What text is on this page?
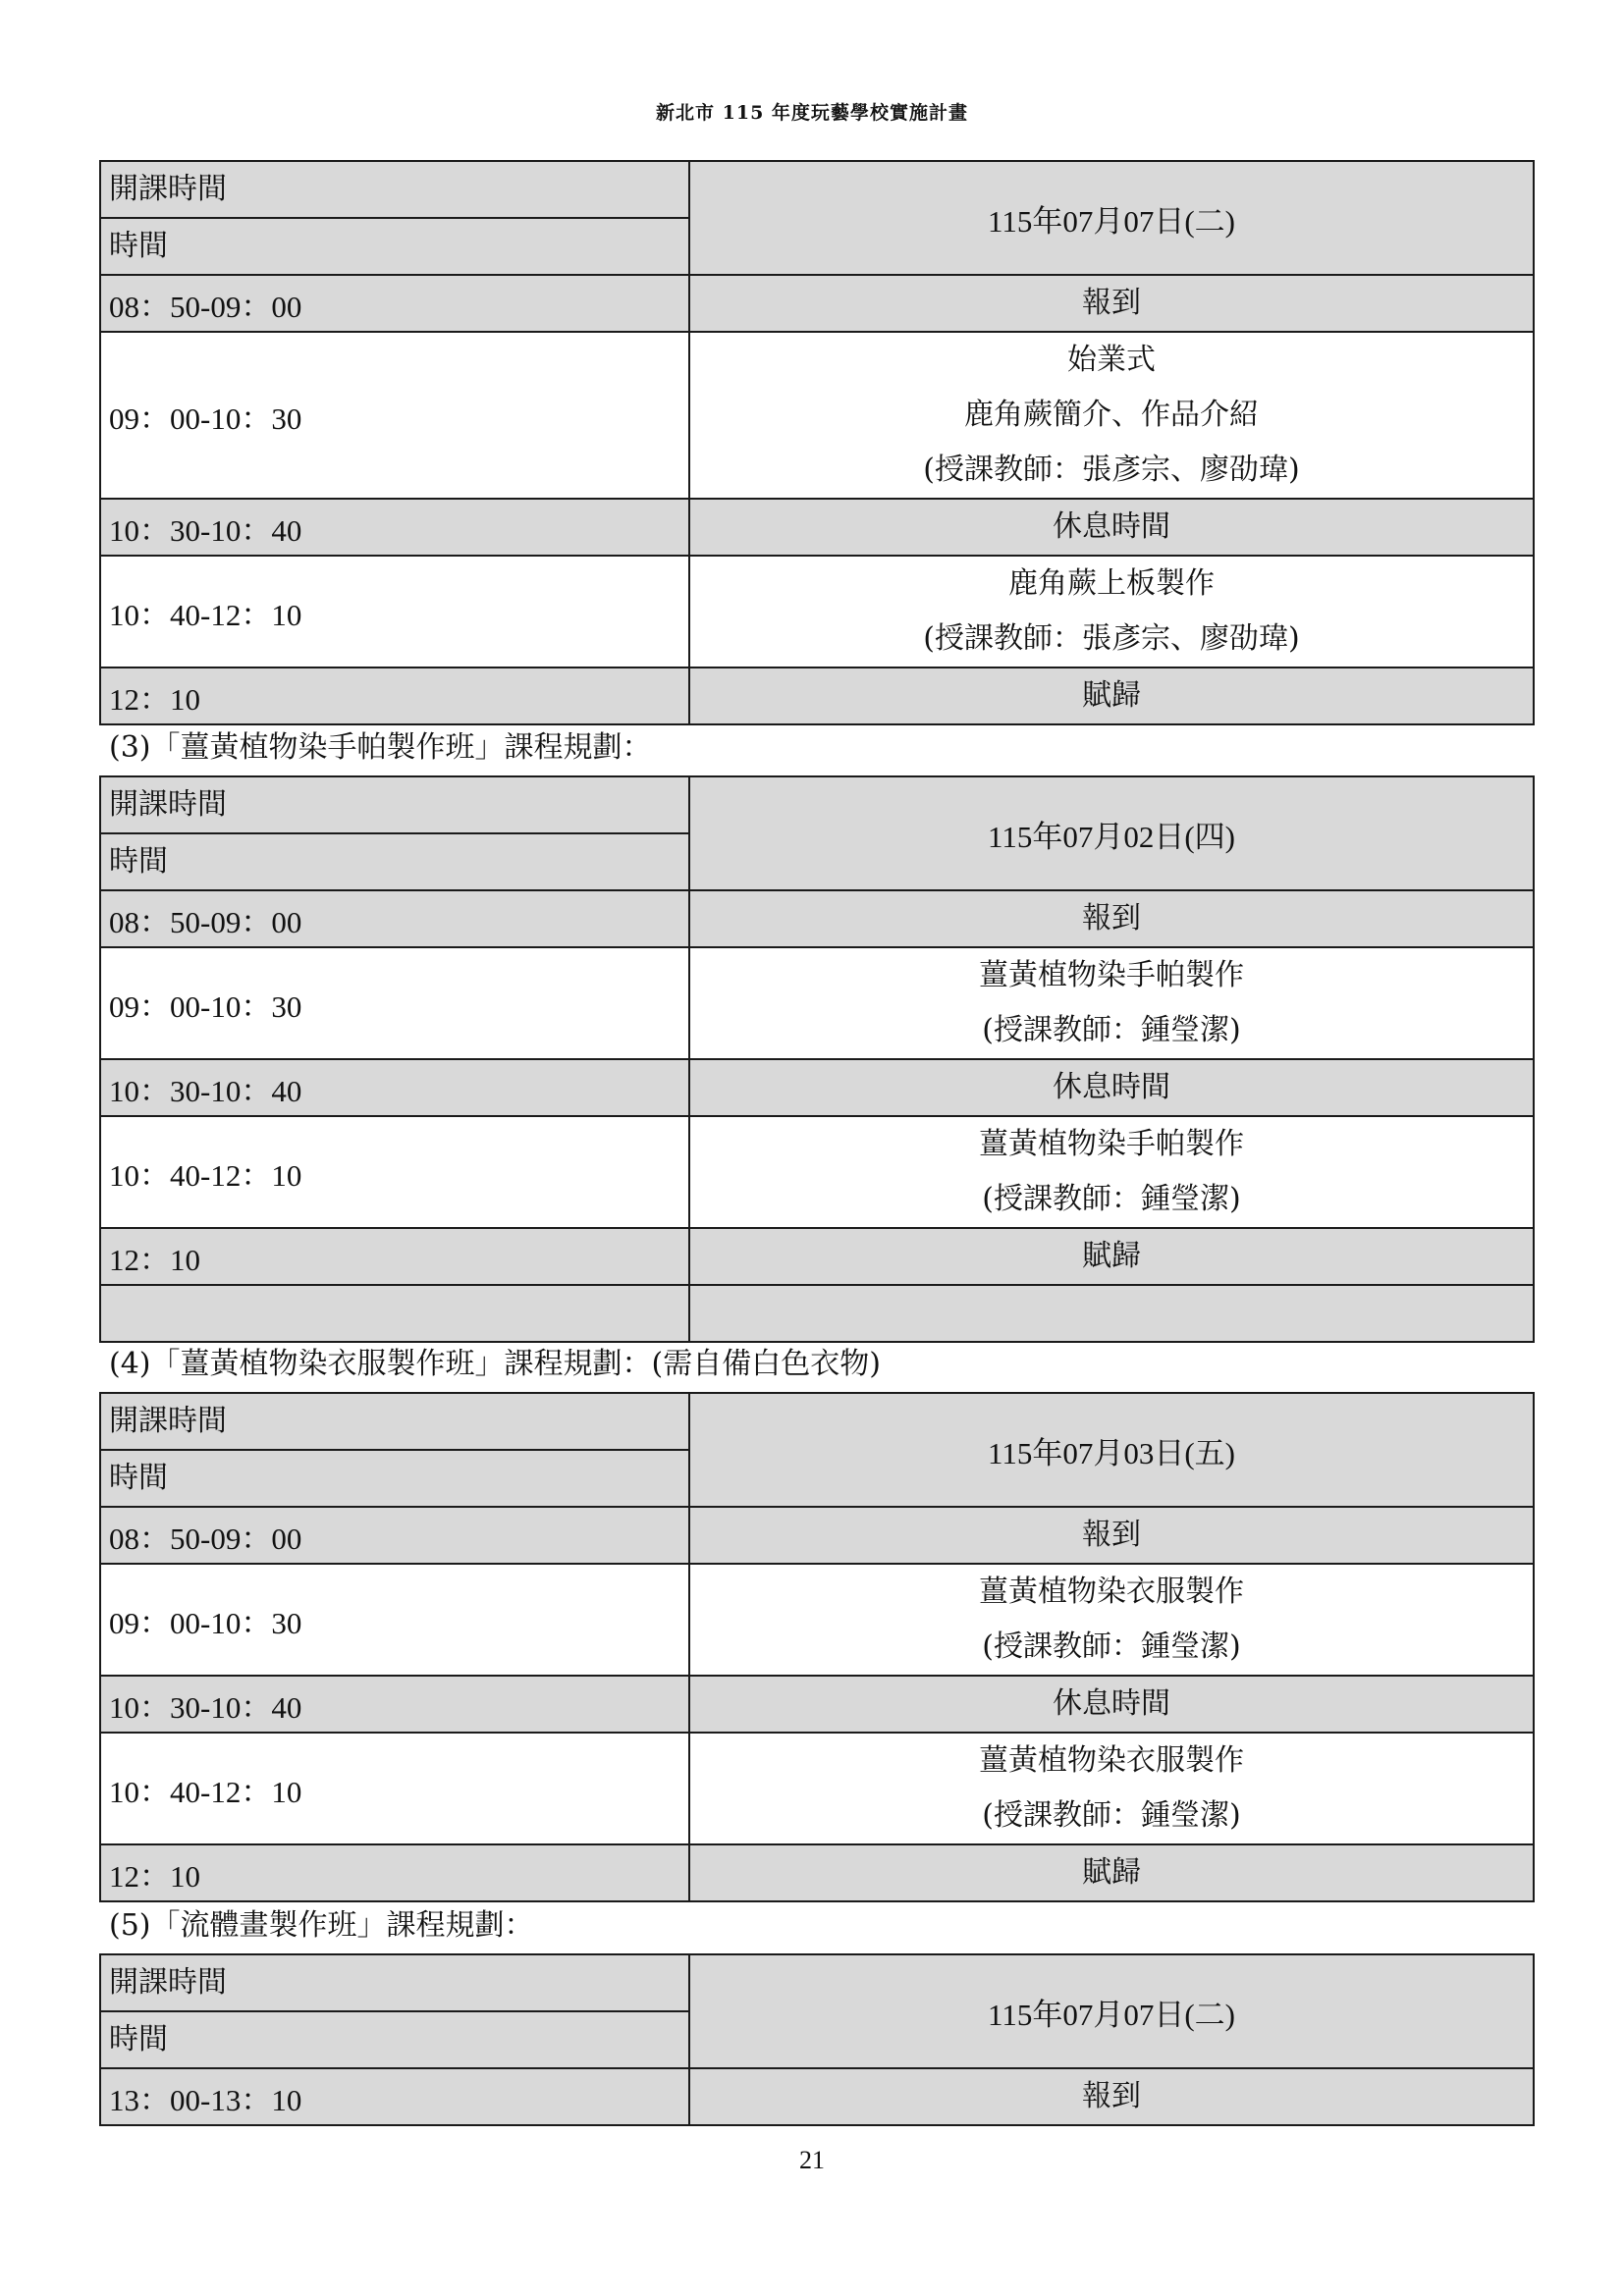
新北市 115 年度玩藝學校實施計畫
開課時間	115年07月07日(二)

時間	

08：50-09：00	報到

09：00-10：30	始業式
鹿角蕨簡介、作品介紹
(授課教師：張彥宗、廖劭瑋)

10：30-10：40	休息時間

10：40-12：10	鹿角蕨上板製作
(授課教師：張彥宗、廖劭瑋)

12：10	賦歸
(3)「薑黃植物染手帕製作班」課程規劃：
開課時間	115年07月02日(四)

時間	

08：50-09：00	報到

09：00-10：30	薑黃植物染手帕製作
(授課教師：鍾瑩潔)

10：30-10：40	休息時間

10：40-12：10	薑黃植物染手帕製作
(授課教師：鍾瑩潔)

12：10	賦歸

(4)「薑黃植物染衣服製作班」課程規劃：(需自備白色衣物)
開課時間	115年07月03日(五)

時間	

08：50-09：00	報到

09：00-10：30	薑黃植物染衣服製作
(授課教師：鍾瑩潔)

10：30-10：40	休息時間

10：40-12：10	薑黃植物染衣服製作
(授課教師：鍾瑩潔)

12：10	賦歸
(5)「流體畫製作班」課程規劃：
開課時間	115年07月07日(二)

時間	

13：00-13：10	報到
21
